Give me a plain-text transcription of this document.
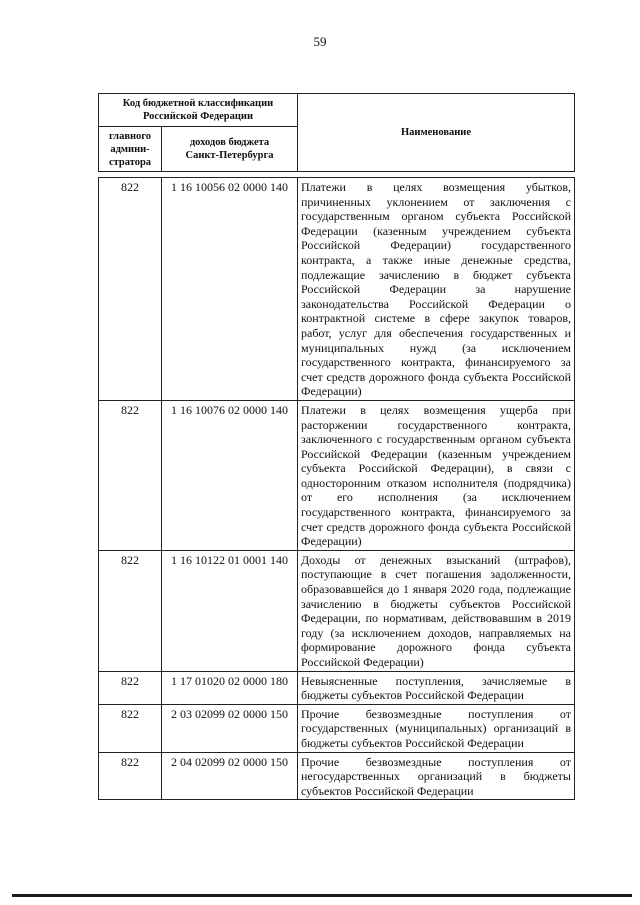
59
Код бюджетной классификации Российской Федерации		Наименование
главного админи-стратора	доходов бюджета Санкт-Петербурга	
822	1 16 10056 02 0000 140	Платежи в целях возмещения убытков, причиненных уклонением от заключения с государственным органом субъекта Российской Федерации (казенным учреждением субъекта Российской Федерации) государственного контракта, а также иные денежные средства, подлежащие зачислению в бюджет субъекта Российской Федерации за нарушение законодательства Российской Федерации о контрактной системе в сфере закупок товаров, работ, услуг для обеспечения государственных и муниципальных нужд (за исключением государственного контракта, финансируемого за счет средств дорожного фонда субъекта Российской Федерации)
822	1 16 10076 02 0000 140	Платежи в целях возмещения ущерба при расторжении государственного контракта, заключенного с государственным органом субъекта Российской Федерации (казенным учреждением субъекта Российской Федерации), в связи с односторонним отказом исполнителя (подрядчика) от его исполнения (за исключением государственного контракта, финансируемого за счет средств дорожного фонда субъекта Российской Федерации)
822	1 16 10122 01 0001 140	Доходы от денежных взысканий (штрафов), поступающие в счет погашения задолженности, образовавшейся до 1 января 2020 года, подлежащие зачислению в бюджеты субъектов Российской Федерации, по нормативам, действовавшим в 2019 году (за исключением доходов, направляемых на формирование дорожного фонда субъекта Российской Федерации)
822	1 17 01020 02 0000 180	Невыясненные поступления, зачисляемые в бюджеты субъектов Российской Федерации
822	2 03 02099 02 0000 150	Прочие безвозмездные поступления от государственных (муниципальных) организаций в бюджеты субъектов Российской Федерации
822	2 04 02099 02 0000 150	Прочие безвозмездные поступления от негосударственных организаций в бюджеты субъектов Российской Федерации
